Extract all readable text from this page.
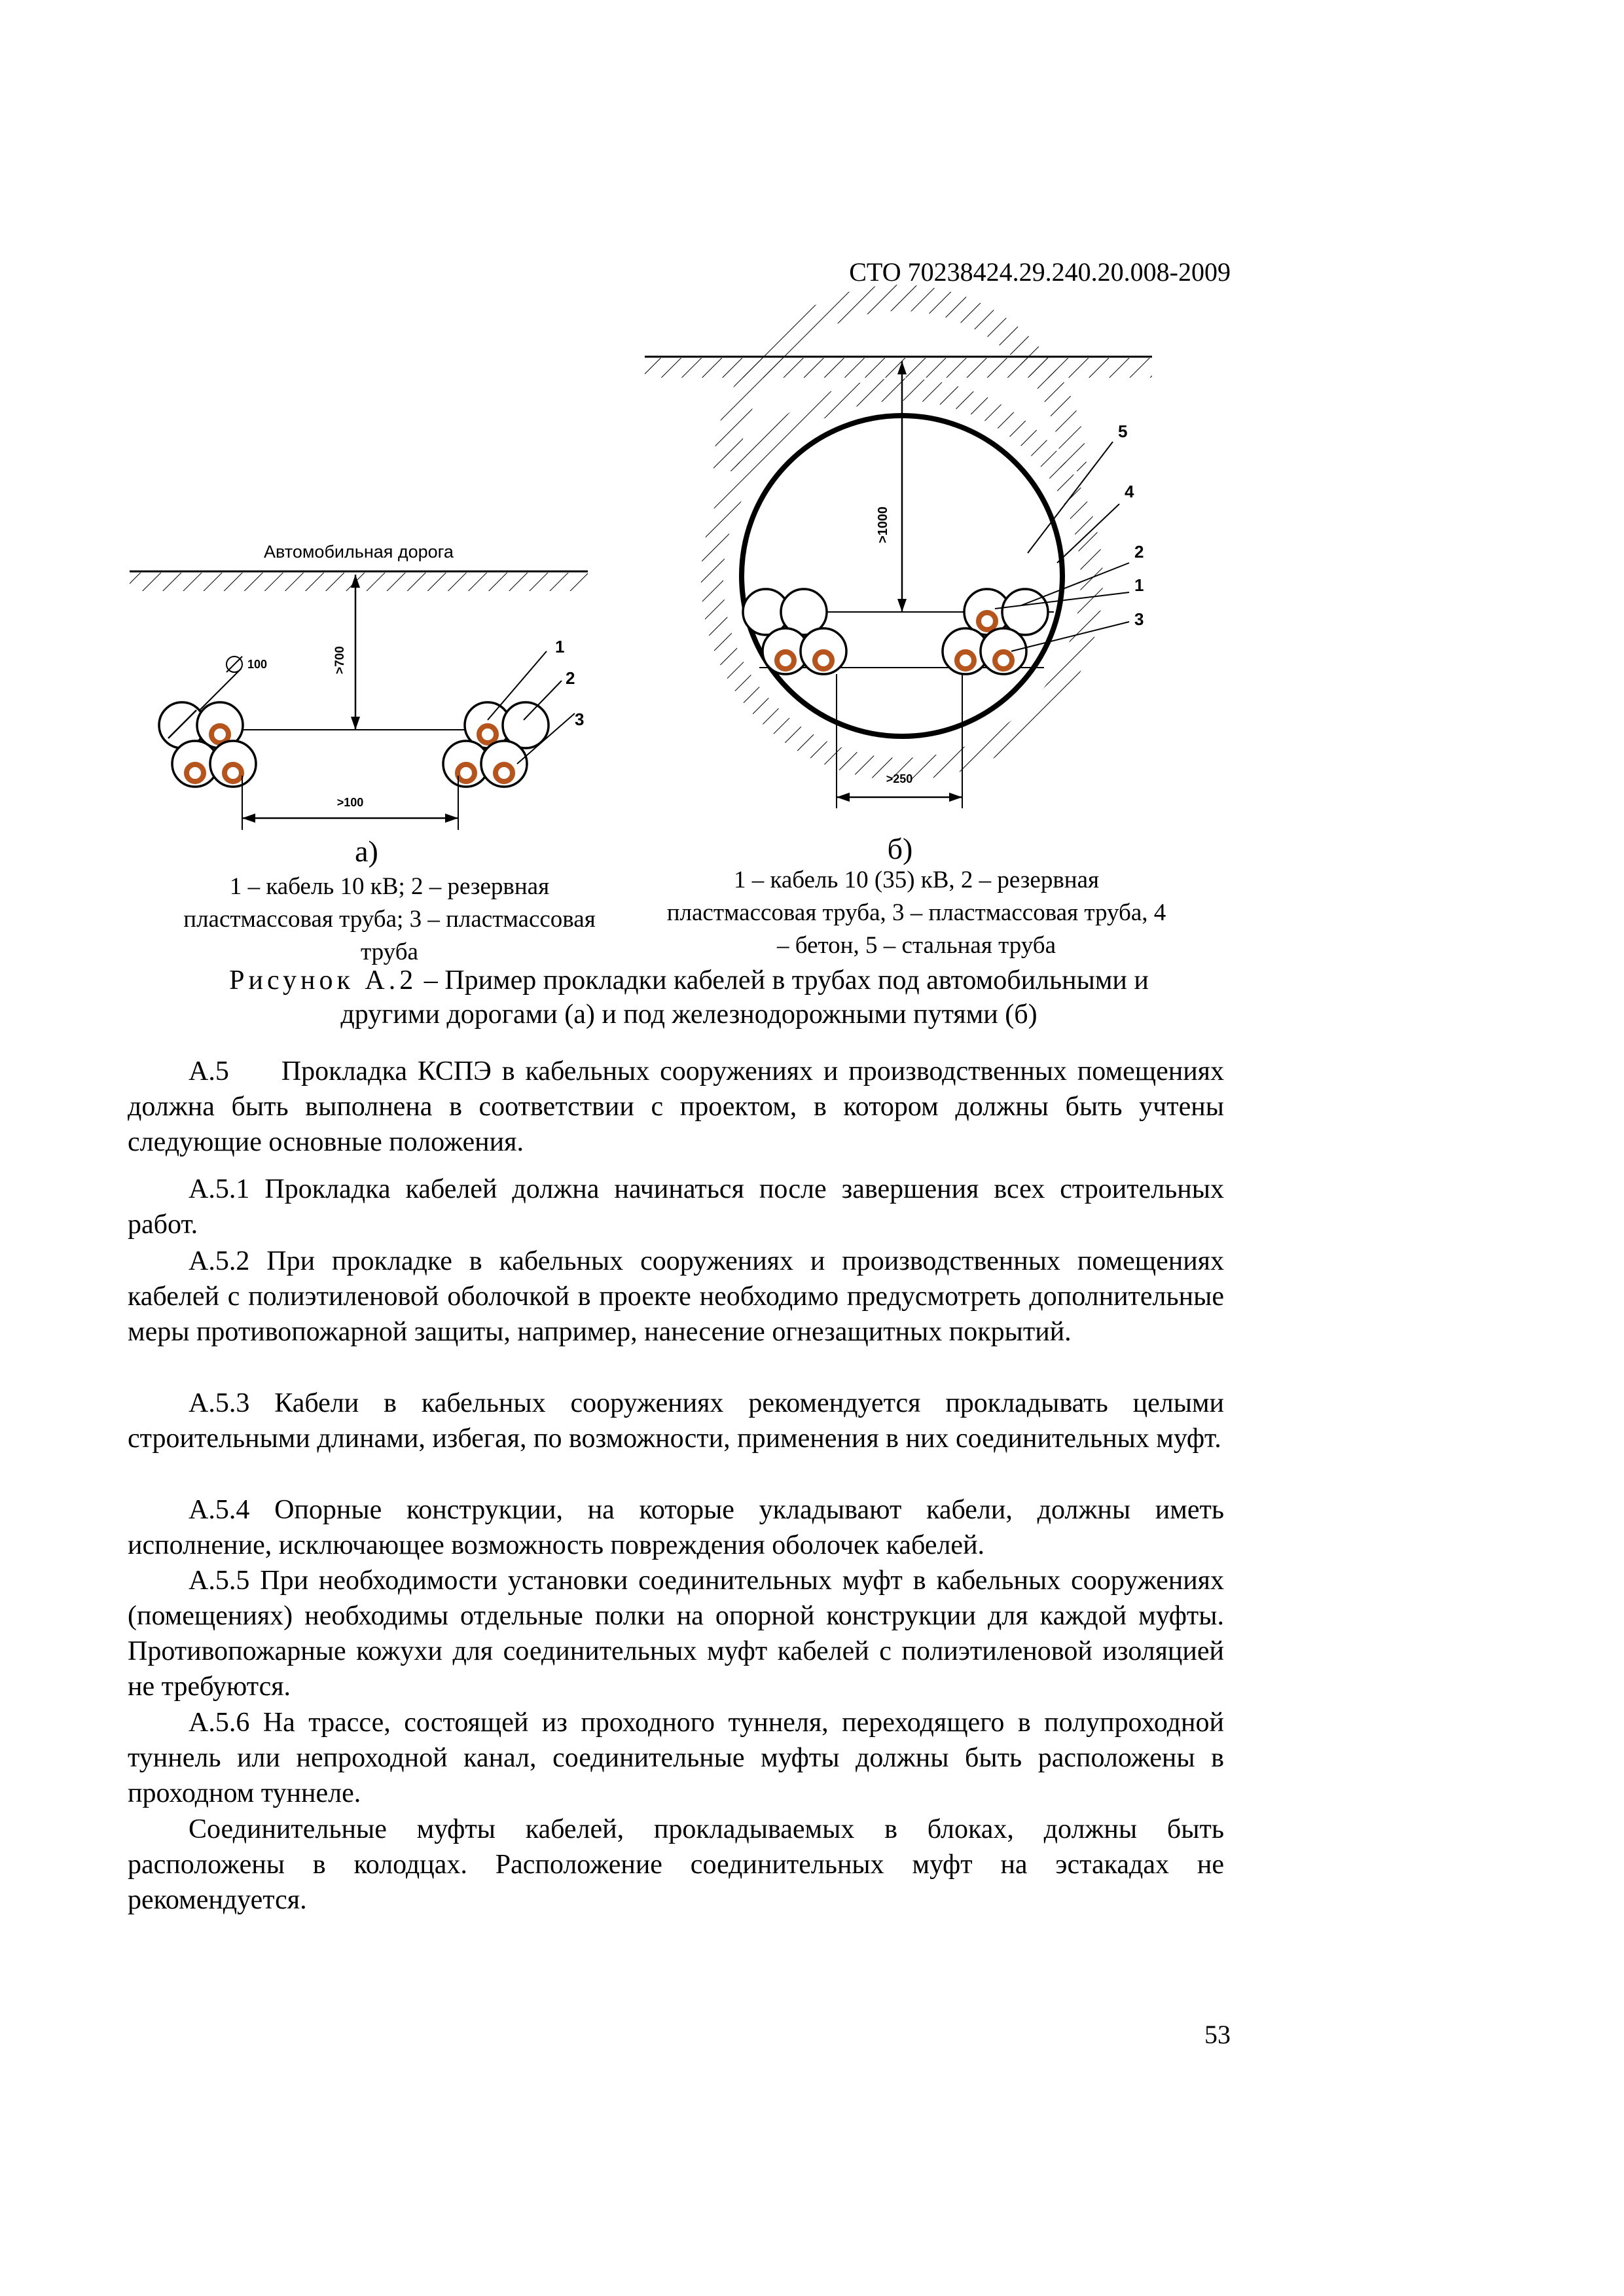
СТО 70238424.29.240.20.008-2009
Автомобильная дорога
>700
100
>100
1
2
3
>1000
>250
5
4
2
1
3
а)
1 – кабель 10 кВ; 2 – резервная
пластмассовая труба; 3 – пластмассовая
труба
б)
1 – кабель 10 (35) кВ, 2 – резервная
пластмассовая труба, 3 – пластмассовая труба, 4
– бетон, 5 – стальная труба
Рисунок А.2 – Пример прокладки кабелей в трубах под автомобильными и
другими дорогами (а) и под железнодорожными путями (б)
А.5 Прокладка КСПЭ в кабельных сооружениях и производственных помещениях должна быть выполнена в соответствии с проектом, в котором должны быть учтены следующие основные положения.
А.5.1 Прокладка кабелей должна начинаться после завершения всех строительных работ.
А.5.2 При прокладке в кабельных сооружениях и производственных помещениях кабелей с полиэтиленовой оболочкой в проекте необходимо предусмотреть дополнительные меры противопожарной защиты, например, нанесение огнезащитных покрытий.
А.5.3 Кабели в кабельных сооружениях рекомендуется прокладывать целыми строительными длинами, избегая, по возможности, применения в них соединительных муфт.
А.5.4 Опорные конструкции, на которые укладывают кабели, должны иметь исполнение, исключающее возможность повреждения оболочек кабелей.
А.5.5 При необходимости установки соединительных муфт в кабельных сооружениях (помещениях) необходимы отдельные полки на опорной конструкции для каждой муфты. Противопожарные кожухи для соединительных муфт кабелей с полиэтиленовой изоляцией не требуются.
А.5.6 На трассе, состоящей из проходного туннеля, переходящего в полупроходной туннель или непроходной канал, соединительные муфты должны быть расположены в проходном туннеле.
Соединительные муфты кабелей, прокладываемых в блоках, должны быть расположены в колодцах. Расположение соединительных муфт на эстакадах не рекомендуется.
53
